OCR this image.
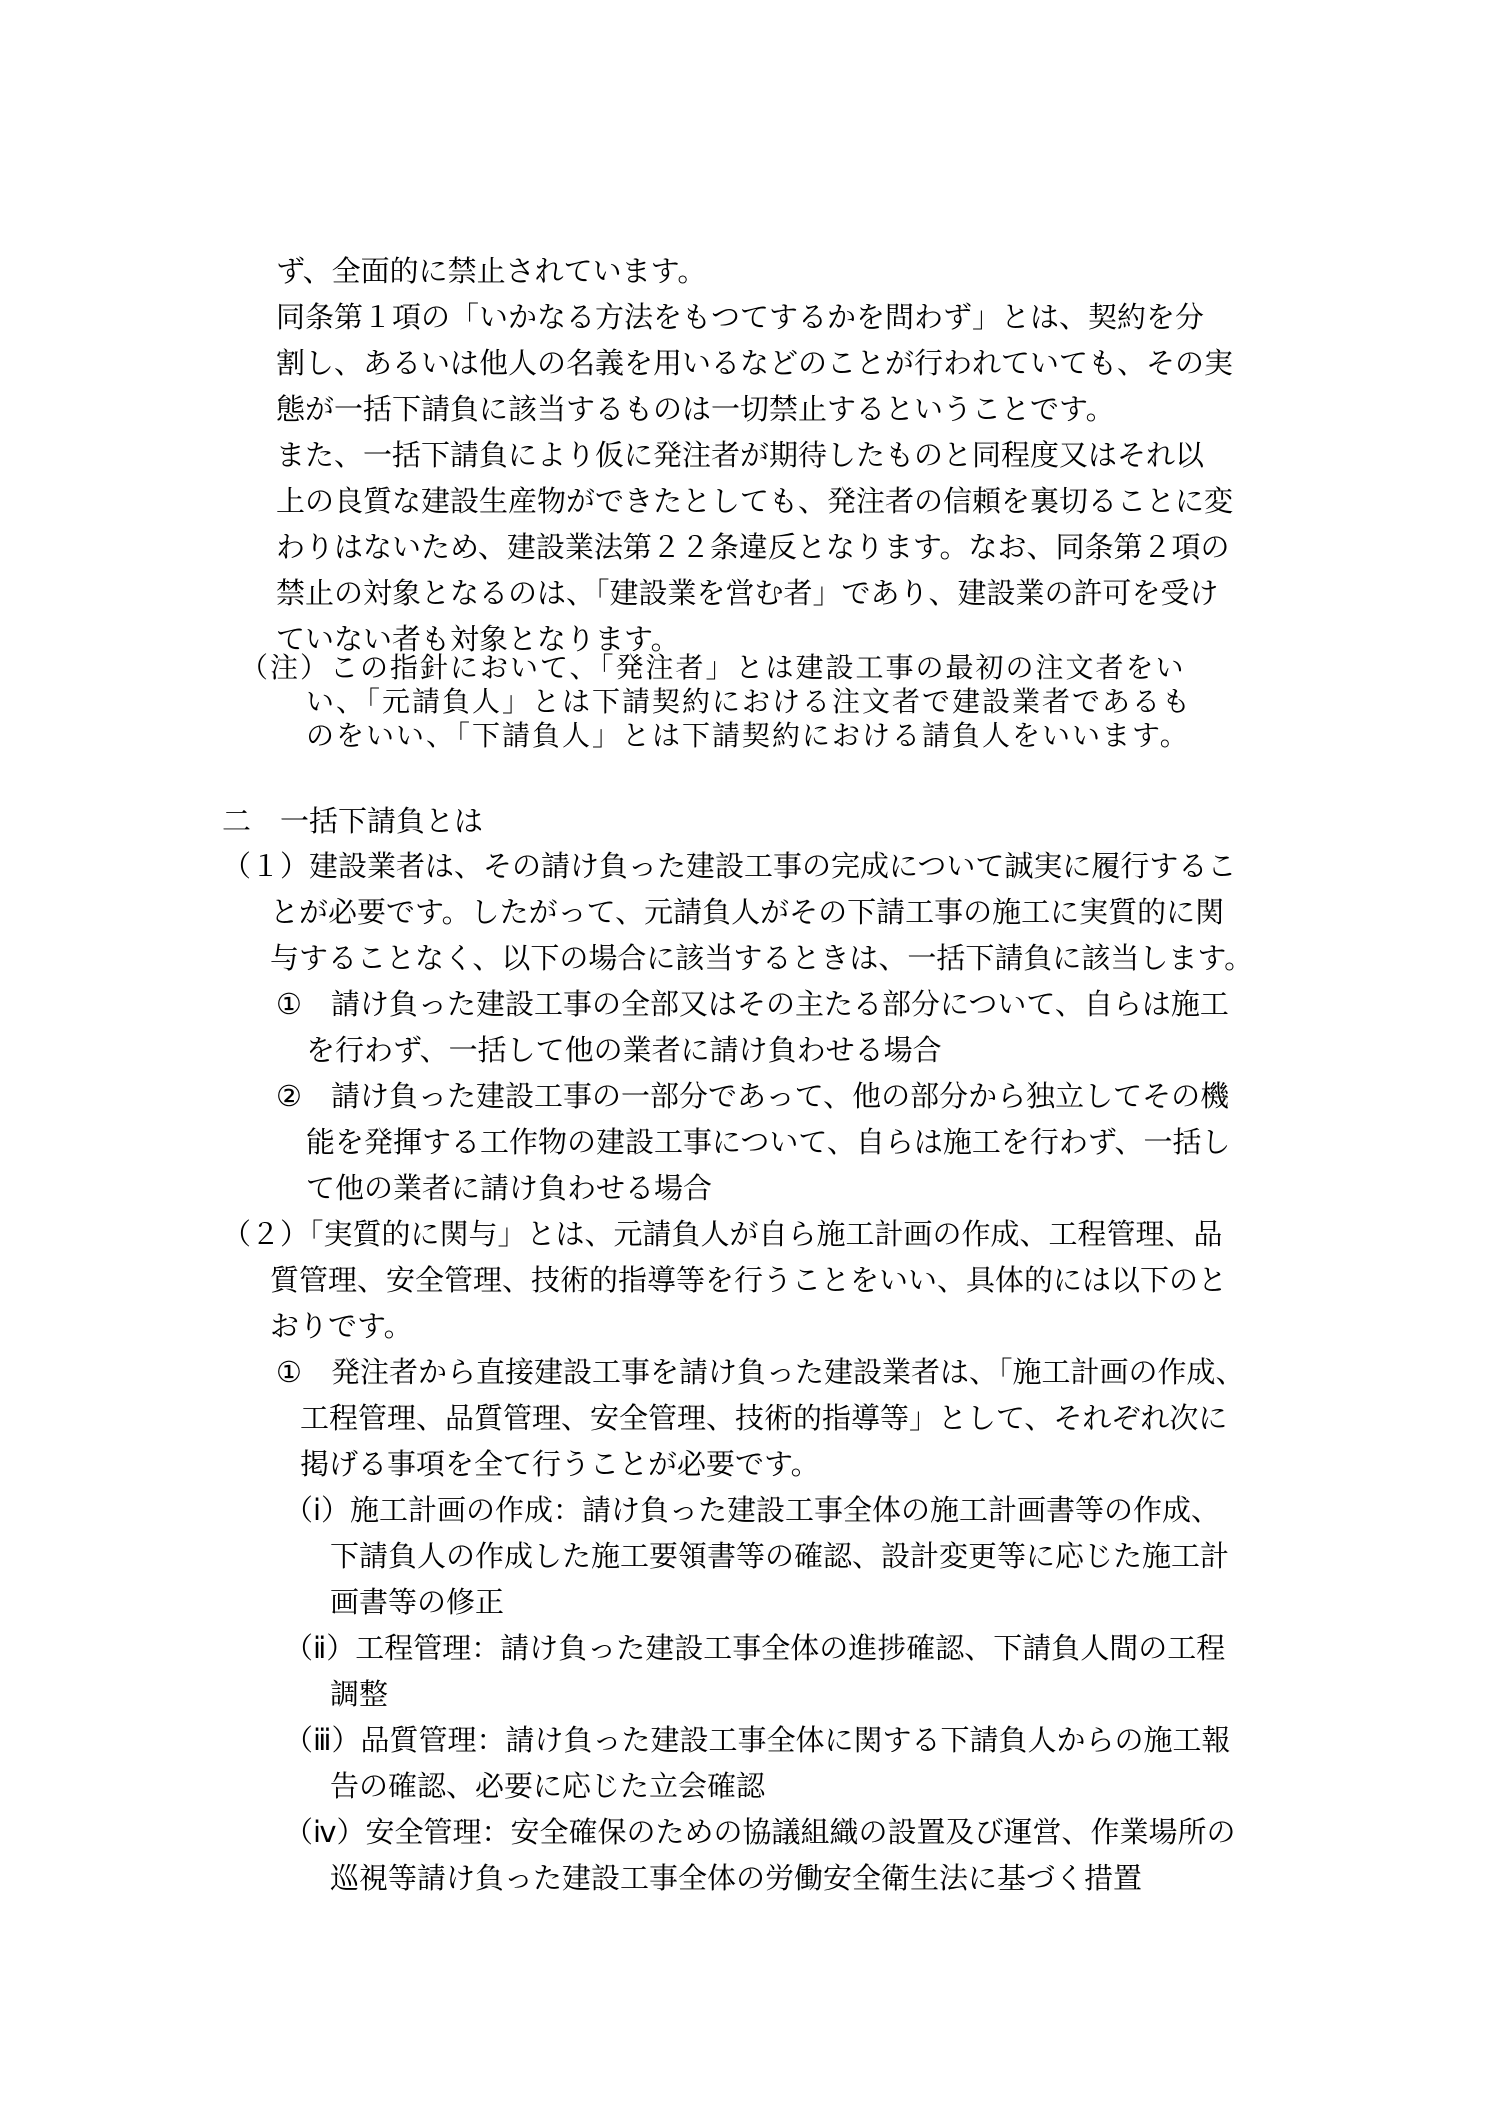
ず、全面的に禁止されています。
同条第１項の「いかなる方法をもつてするかを問わず」とは、契約を分
割し、あるいは他人の名義を用いるなどのことが行われていても、その実
態が一括下請負に該当するものは一切禁止するということです。
また、一括下請負により仮に発注者が期待したものと同程度又はそれ以
上の良質な建設生産物ができたとしても、発注者の信頼を裏切ることに変
わりはないため、建設業法第２２条違反となります。なお、同条第２項の
禁止の対象となるのは、「建設業を営む者」であり、建設業の許可を受け
ていない者も対象となります。
（注）この指針において、「発注者」とは建設工事の最初の注文者をい
い、「元請負人」とは下請契約における注文者で建設業者であるも
のをいい、「下請負人」とは下請契約における請負人をいいます。
二　一括下請負とは
（１）建設業者は、その請け負った建設工事の完成について誠実に履行するこ
とが必要です。したがって、元請負人がその下請工事の施工に実質的に関
与することなく、以下の場合に該当するときは、一括下請負に該当します。
①　請け負った建設工事の全部又はその主たる部分について、自らは施工
を行わず、一括して他の業者に請け負わせる場合
②　請け負った建設工事の一部分であって、他の部分から独立してその機
能を発揮する工作物の建設工事について、自らは施工を行わず、一括し
て他の業者に請け負わせる場合
（２）「実質的に関与」とは、元請負人が自ら施工計画の作成、工程管理、品
質管理、安全管理、技術的指導等を行うことをいい、具体的には以下のと
おりです。
①　発注者から直接建設工事を請け負った建設業者は、「施工計画の作成、
工程管理、品質管理、安全管理、技術的指導等」として、それぞれ次に
掲げる事項を全て行うことが必要です。
（ⅰ）施工計画の作成：請け負った建設工事全体の施工計画書等の作成、
下請負人の作成した施工要領書等の確認、設計変更等に応じた施工計
画書等の修正
（ⅱ）工程管理：請け負った建設工事全体の進捗確認、下請負人間の工程
調整
（ⅲ）品質管理：請け負った建設工事全体に関する下請負人からの施工報
告の確認、必要に応じた立会確認
（ⅳ）安全管理：安全確保のための協議組織の設置及び運営、作業場所の
巡視等請け負った建設工事全体の労働安全衛生法に基づく措置
